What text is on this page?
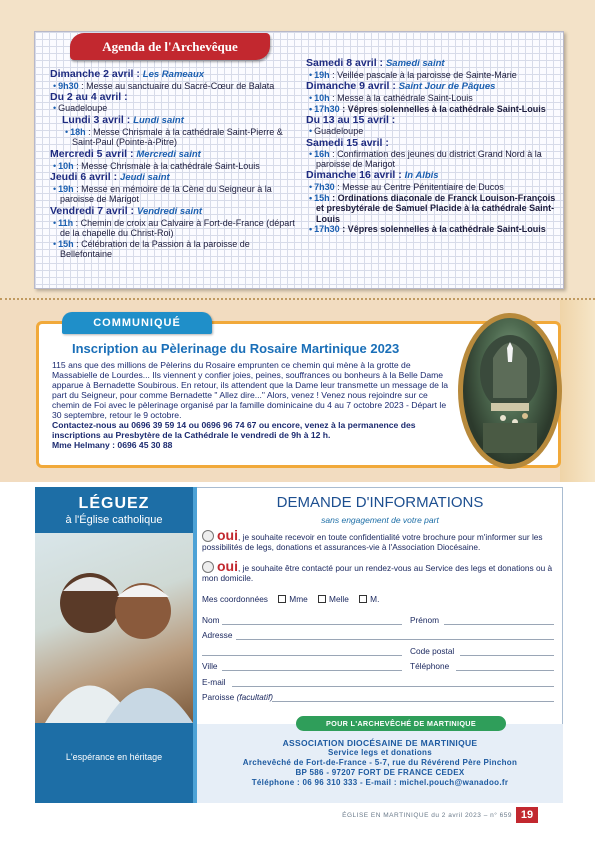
Agenda de l'Archevêque
Dimanche 2 avril : Les Rameaux
• 9h30 : Messe au sanctuaire du Sacré-Cœur de Balata
Du 2 au 4 avril :
• Guadeloupe
Lundi 3 avril : Lundi saint
• 18h : Messe Chrismale à la cathédrale Saint-Pierre & Saint-Paul (Pointe-à-Pitre)
Mercredi 5 avril : Mercredi saint
• 10h : Messe Chrismale à la cathédrale Saint-Louis
Jeudi 6 avril : Jeudi saint
• 19h : Messe en mémoire de la Cène du Seigneur à la paroisse de Marigot
Vendredi 7 avril : Vendredi saint
• 11h : Chemin de croix au Calvaire à Fort-de-France (départ de la chapelle du Christ-Roi)
• 15h : Célébration de la Passion à la paroisse de Bellefontaine
Samedi 8 avril : Samedi saint
• 19h : Veillée pascale à la paroisse de Sainte-Marie
Dimanche 9 avril : Saint Jour de Pâques
• 10h : Messe à la cathédrale Saint-Louis
• 17h30 : Vêpres solennelles à la cathédrale Saint-Louis
Du 13 au 15 avril :
• Guadeloupe
Samedi 15 avril :
• 16h : Confirmation des jeunes du district Grand Nord à la paroisse de Marigot
Dimanche 16 avril : In Albis
• 7h30 : Messe au Centre Pénitentiaire de Ducos
• 15h : Ordinations diaconale de Franck Louison-François et presbytérale de Samuel Placide à la cathédrale Saint-Louis
• 17h30 : Vêpres solennelles à la cathédrale Saint-Louis
COMMUNIQUÉ
Inscription au Pèlerinage du Rosaire Martinique 2023
115 ans que des millions de Pèlerins du Rosaire emprunten ce chemin qui mène à la grotte de Massabielle de Lourdes... Ils viennent y confier joies, peines, souffrances ou bonheurs à la Belle Dame apparue à Bernadette Soubirous. En retour, ils attendent que la Dame leur transmette un message de la part du Seigneur, pour comme Bernadette " Allez dire..." Alors, venez ! Venez nous rejoindre sur ce chemin de Foi avec le pèlerinage organisé par la famille dominicaine du 4 au 7 octobre 2023 - Départ le 30 septembre, retour le 9 octobre.
Contactez-nous au 0696 39 59 14 ou 0696 96 74 67 ou encore, venez à la permanence des inscriptions au Presbytère de la Cathédrale le vendredi de 9h à 12 h.
Mme Helmany : 0696 45 30 88
LÉGUEZ
à l'Église catholique
L'espérance en héritage
DEMANDE D'INFORMATIONS
sans engagement de votre part
oui, je souhaite recevoir en toute confidentialité votre brochure pour m'informer sur les possibilités de legs, donations et assurances-vie à l'Association Diocésaine.
oui, je souhaite être contacté pour un rendez-vous au Service des legs et donations ou à mon domicile.
Mes coordonnées	Mme	Melle	M.
Nom	Prénom
Adresse
Code postal
Ville	Téléphone
E-mail
Paroisse (facultatif)
POUR L'ARCHEVÊCHÉ DE MARTINIQUE
ASSOCIATION DIOCÉSAINE DE MARTINIQUE
Service legs et donations
Archevêché de Fort-de-France - 5-7, rue du Révérend Père Pinchon
BP 586 - 97207 FORT DE FRANCE CEDEX
Téléphone : 06 96 310 333 - E-mail : michel.pouch@wanadoo.fr
ÉGLISE EN MARTINIQUE du 2 avril 2023 – n° 659 19
